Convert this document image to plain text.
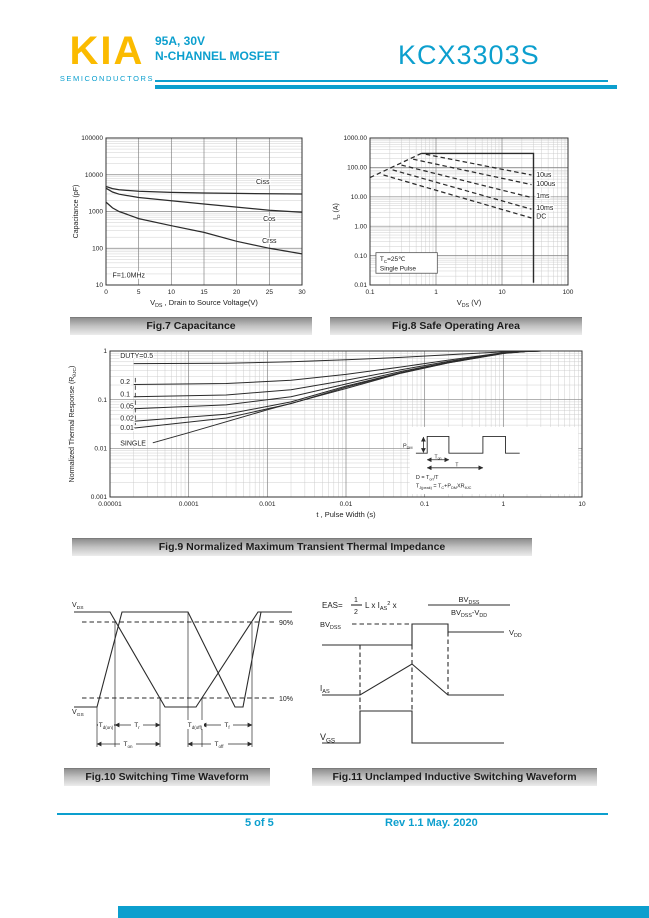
KIA
SEMICONDUCTORS
95A, 30V
N-CHANNEL MOSFET	KCX3303S
0	5	10	15	20	25	30
10
100
1000
10000
100000
$V_{DS}$ , Drain to Source Voltage(V)
Capacitance (pF)
Ciss
Cos
Crss
F=1.0MHz
Fig.7 Capacitance
0.1	1	10	100
0.01
0.10
1.00
10.00
100.00
1000.00
$V_{DS}$ (V)
$I_D$ (A)
10us
100us
1ms
10ms
DC
$T_C=25℃$
Single Pulse
Fig.8 Safe Operating Area
0.00001	0.0001	0.001	0.01	0.1	1	10
0.001
0.01
0.1
1
t , Pulse Width (s)
Normalized Thermal Response $(R_{\theta JC})$
DUTY=0.5
0.2
0.1
0.05
0.02
0.01
SINGLE	$P_{DM}$
$T_{on}$
T
$D = T_{on}/T$
$T_{J(peak)} = T_C+P_{DM}XR_{\theta JC}$
Fig.9 Normalized Maximum Transient Thermal Impedance
$V_{DS}$
$V_{GS}$
90%
10%
$T_{d(on)}$	$T_r$	$T_{d(off)}$	$T_f$
$T_{on}$	$T_{off}$
Fig.10 Switching Time Waveform
EAS=
1
2
L x $I_{AS}^2$ x
$BV_{DSS}$
$BV_{DSS}-V_{DD}$
$BV_{DSS}$	$V_{DD}$
$I_{AS}$
$V_{GS}$
Fig.11 Unclamped Inductive Switching Waveform
5 of 5	Rev 1.1 May. 2020
